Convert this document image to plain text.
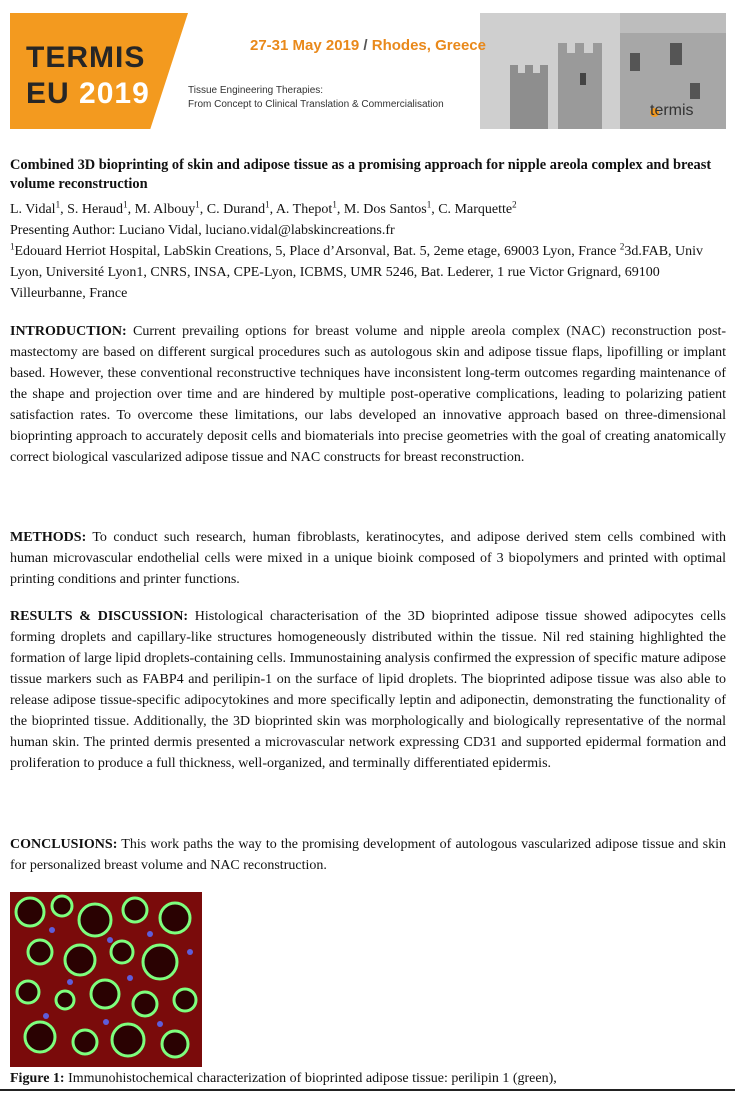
TERMIS
EU 2019
27-31 May 2019 / Rhodes, Greece
Tissue Engineering Therapies:
From Concept to Clinical Translation & Commercialisation	termis
Combined 3D bioprinting of skin and adipose tissue as a promising approach for nipple areola complex and breast volume reconstruction

L. Vidal$^1$, S. Heraud$^1$, M. Albouy$^1$, C. Durand$^1$, A. Thepot$^1$, M. Dos Santos$^1$, C. Marquette$^2$

Presenting Author: Luciano Vidal, luciano.vidal@labskincreations.fr

$^1$Edouard Herriot Hospital, LabSkin Creations, 5, Place d’Arsonval, Bat. 5, 2eme etage, 69003 Lyon, France $^2$3d.FAB, Univ Lyon, Université Lyon1, CNRS, INSA, CPE-Lyon, ICBMS, UMR 5246, Bat. Lederer, 1 rue Victor Grignard, 69100 Villeurbanne, France

INTRODUCTION: Current prevailing options for breast volume and nipple areola complex (NAC) reconstruction post-mastectomy are based on different surgical procedures such as autologous skin and adipose tissue flaps, lipofilling or implant based. However, these conventional reconstructive techniques have inconsistent long-term outcomes regarding maintenance of the shape and projection over time and are hindered by multiple post-operative complications, leading to polarizing patient satisfaction rates. To overcome these limitations, our labs developed an innovative approach based on three-dimensional bioprinting approach to accurately deposit cells and biomaterials into precise geometries with the goal of creating anatomically correct biological vascularized adipose tissue and NAC constructs for breast reconstruction.

METHODS: To conduct such research, human fibroblasts, keratinocytes, and adipose derived stem cells combined with human microvascular endothelial cells were mixed in a unique bioink composed of 3 biopolymers and printed with optimal printing conditions and printer functions.

RESULTS & DISCUSSION: Histological characterisation of the 3D bioprinted adipose tissue showed adipocytes cells forming droplets and capillary-like structures homogeneously distributed within the tissue. Nil red staining highlighted the formation of large lipid droplets-containing cells. Immunostaining analysis confirmed the expression of specific mature adipose tissue markers such as FABP4 and perilipin-1 on the surface of lipid droplets. The bioprinted adipose tissue was also able to release adipose tissue-specific adipocytokines and more specifically leptin and adiponectin, demonstrating the functionality of the bioprinted tissue. Additionally, the 3D bioprinted skin was morphologically and biologically representative of the normal human skin. The printed dermis presented a microvascular network expressing CD31 and supported epidermal formation and proliferation to produce a full thickness, well-organized, and terminally differentiated epidermis.

CONCLUSIONS: This work paths the way to the promising development of autologous vascularized adipose tissue and skin for personalized breast volume and NAC reconstruction.

Figure 1: Immunohistochemical characterization of bioprinted adipose tissue: perilipin 1 (green),
